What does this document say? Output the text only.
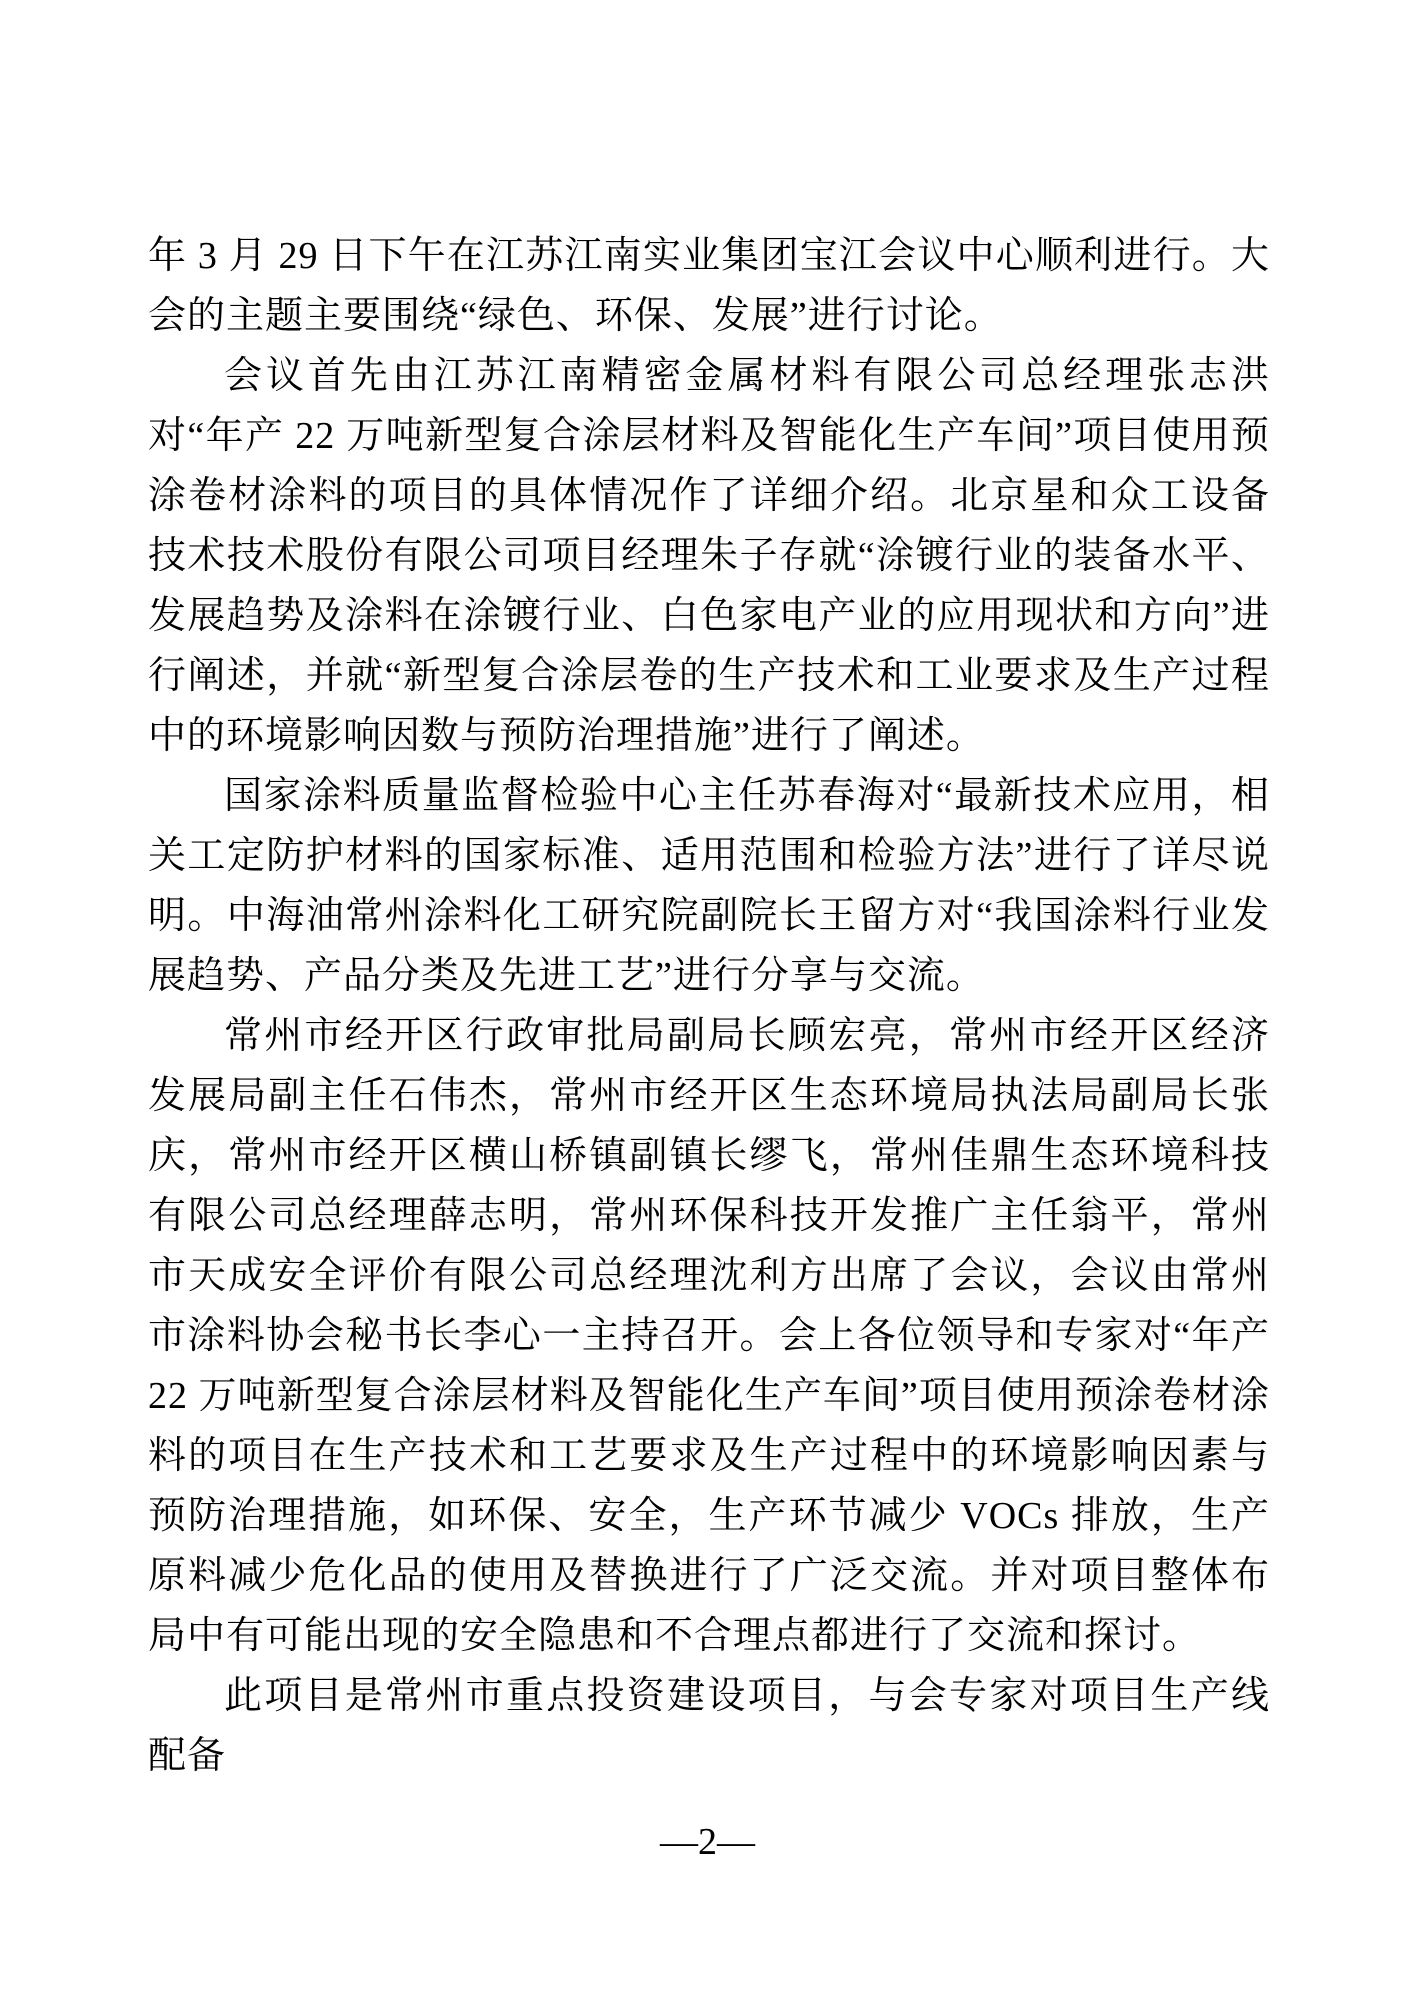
年 3 月 29 日下午在江苏江南实业集团宝江会议中心顺利进行。大会的主题主要围绕“绿色、环保、发展”进行讨论。

会议首先由江苏江南精密金属材料有限公司总经理张志洪对“年产 22 万吨新型复合涂层材料及智能化生产车间”项目使用预涂卷材涂料的项目的具体情况作了详细介绍。北京星和众工设备技术技术股份有限公司项目经理朱子存就“涂镀行业的装备水平、发展趋势及涂料在涂镀行业、白色家电产业的应用现状和方向”进行阐述，并就“新型复合涂层卷的生产技术和工业要求及生产过程中的环境影响因数与预防治理措施”进行了阐述。

国家涂料质量监督检验中心主任苏春海对“最新技术应用，相关工定防护材料的国家标准、适用范围和检验方法”进行了详尽说明。中海油常州涂料化工研究院副院长王留方对“我国涂料行业发展趋势、产品分类及先进工艺”进行分享与交流。

常州市经开区行政审批局副局长顾宏亮，常州市经开区经济发展局副主任石伟杰，常州市经开区生态环境局执法局副局长张庆，常州市经开区横山桥镇副镇长缪飞，常州佳鼎生态环境科技有限公司总经理薛志明，常州环保科技开发推广主任翁平，常州市天成安全评价有限公司总经理沈利方出席了会议，会议由常州市涂料协会秘书长李心一主持召开。会上各位领导和专家对“年产 22 万吨新型复合涂层材料及智能化生产车间”项目使用预涂卷材涂料的项目在生产技术和工艺要求及生产过程中的环境影响因素与预防治理措施，如环保、安全，生产环节减少 VOCs 排放，生产原料减少危化品的使用及替换进行了广泛交流。并对项目整体布局中有可能出现的安全隐患和不合理点都进行了交流和探讨。

此项目是常州市重点投资建设项目，与会专家对项目生产线配备

—2—
